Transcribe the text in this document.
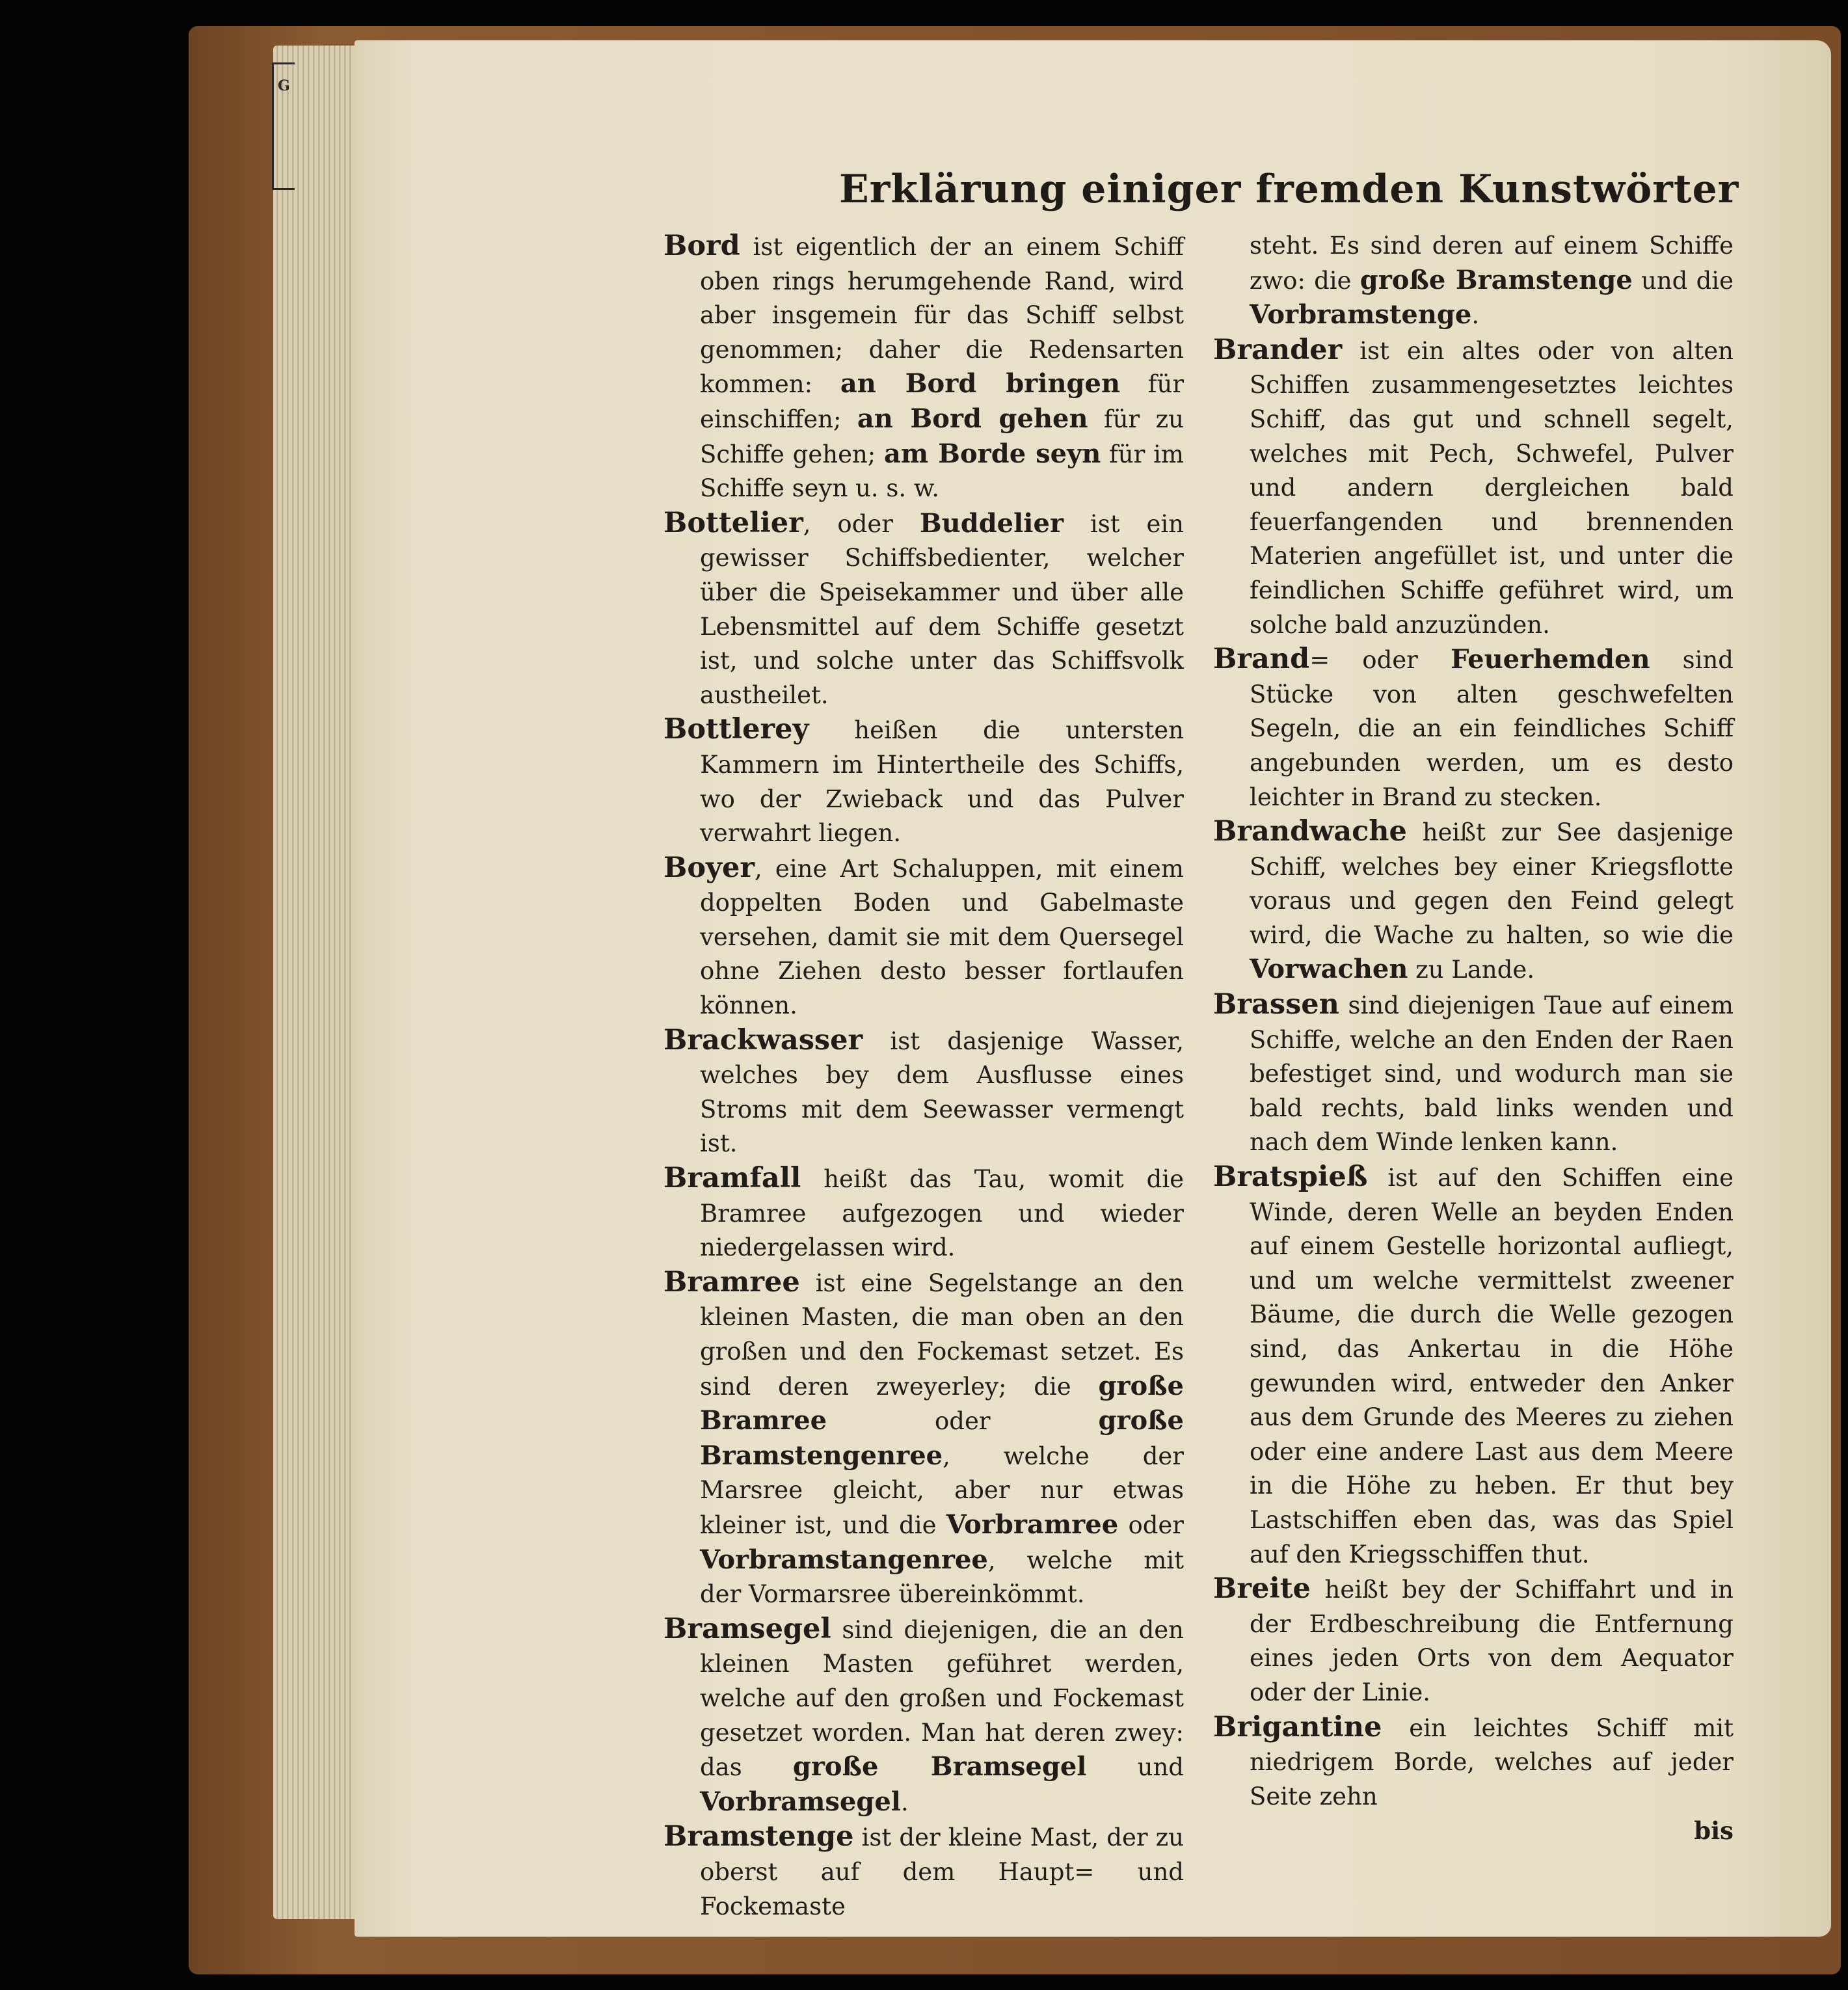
G
Erklärung einiger fremden Kunstwörter

Bord ist eigentlich der an einem Schiff oben rings herumgehende Rand, wird aber insgemein für das Schiff selbst genommen; daher die Redensarten kommen: an Bord bringen für einschiffen; an Bord gehen für zu Schiffe gehen; am Borde seyn für im Schiffe seyn u. s. w.

Bottelier, oder Buddelier ist ein gewisser Schiffsbedienter, welcher über die Speisekammer und über alle Lebensmittel auf dem Schiffe gesetzt ist, und solche unter das Schiffsvolk austheilet.

Bottlerey heißen die untersten Kammern im Hintertheile des Schiffs, wo der Zwieback und das Pulver verwahrt liegen.

Boyer, eine Art Schaluppen, mit einem doppelten Boden und Gabelmaste versehen, damit sie mit dem Quersegel ohne Ziehen desto besser fortlaufen können.

Brackwasser ist dasjenige Wasser, welches bey dem Ausflusse eines Stroms mit dem Seewasser vermengt ist.

Bramfall heißt das Tau, womit die Bramree aufgezogen und wieder niedergelassen wird.

Bramree ist eine Segelstange an den kleinen Masten, die man oben an den großen und den Fockemast setzet. Es sind deren zweyerley; die große Bramree oder große Bramstengenree, welche der Marsree gleicht, aber nur etwas kleiner ist, und die Vorbramree oder Vorbramstangenree, welche mit der Vormarsree übereinkömmt.

Bramsegel sind diejenigen, die an den kleinen Masten geführet werden, welche auf den großen und Fockemast gesetzet worden. Man hat deren zwey: das große Bramsegel und Vorbramsegel.

Bramstenge ist der kleine Mast, der zu oberst auf dem Haupt= und Fockemaste

steht. Es sind deren auf einem Schiffe zwo: die große Bramstenge und die Vorbramstenge.

Brander ist ein altes oder von alten Schiffen zusammengesetztes leichtes Schiff, das gut und schnell segelt, welches mit Pech, Schwefel, Pulver und andern dergleichen bald feuerfangenden und brennenden Materien angefüllet ist, und unter die feindlichen Schiffe geführet wird, um solche bald anzuzünden.

Brand= oder Feuerhemden sind Stücke von alten geschwefelten Segeln, die an ein feindliches Schiff angebunden werden, um es desto leichter in Brand zu stecken.

Brandwache heißt zur See dasjenige Schiff, welches bey einer Kriegsflotte voraus und gegen den Feind gelegt wird, die Wache zu halten, so wie die Vorwachen zu Lande.

Brassen sind diejenigen Taue auf einem Schiffe, welche an den Enden der Raen befestiget sind, und wodurch man sie bald rechts, bald links wenden und nach dem Winde lenken kann.

Bratspieß ist auf den Schiffen eine Winde, deren Welle an beyden Enden auf einem Gestelle horizontal aufliegt, und um welche vermittelst zweener Bäume, die durch die Welle gezogen sind, das Ankertau in die Höhe gewunden wird, entweder den Anker aus dem Grunde des Meeres zu ziehen oder eine andere Last aus dem Meere in die Höhe zu heben. Er thut bey Lastschiffen eben das, was das Spiel auf den Kriegsschiffen thut.

Breite heißt bey der Schiffahrt und in der Erdbeschreibung die Entfernung eines jeden Orts von dem Aequator oder der Linie.

Brigantine ein leichtes Schiff mit niedrigem Borde, welches auf jeder Seite zehn

bis
